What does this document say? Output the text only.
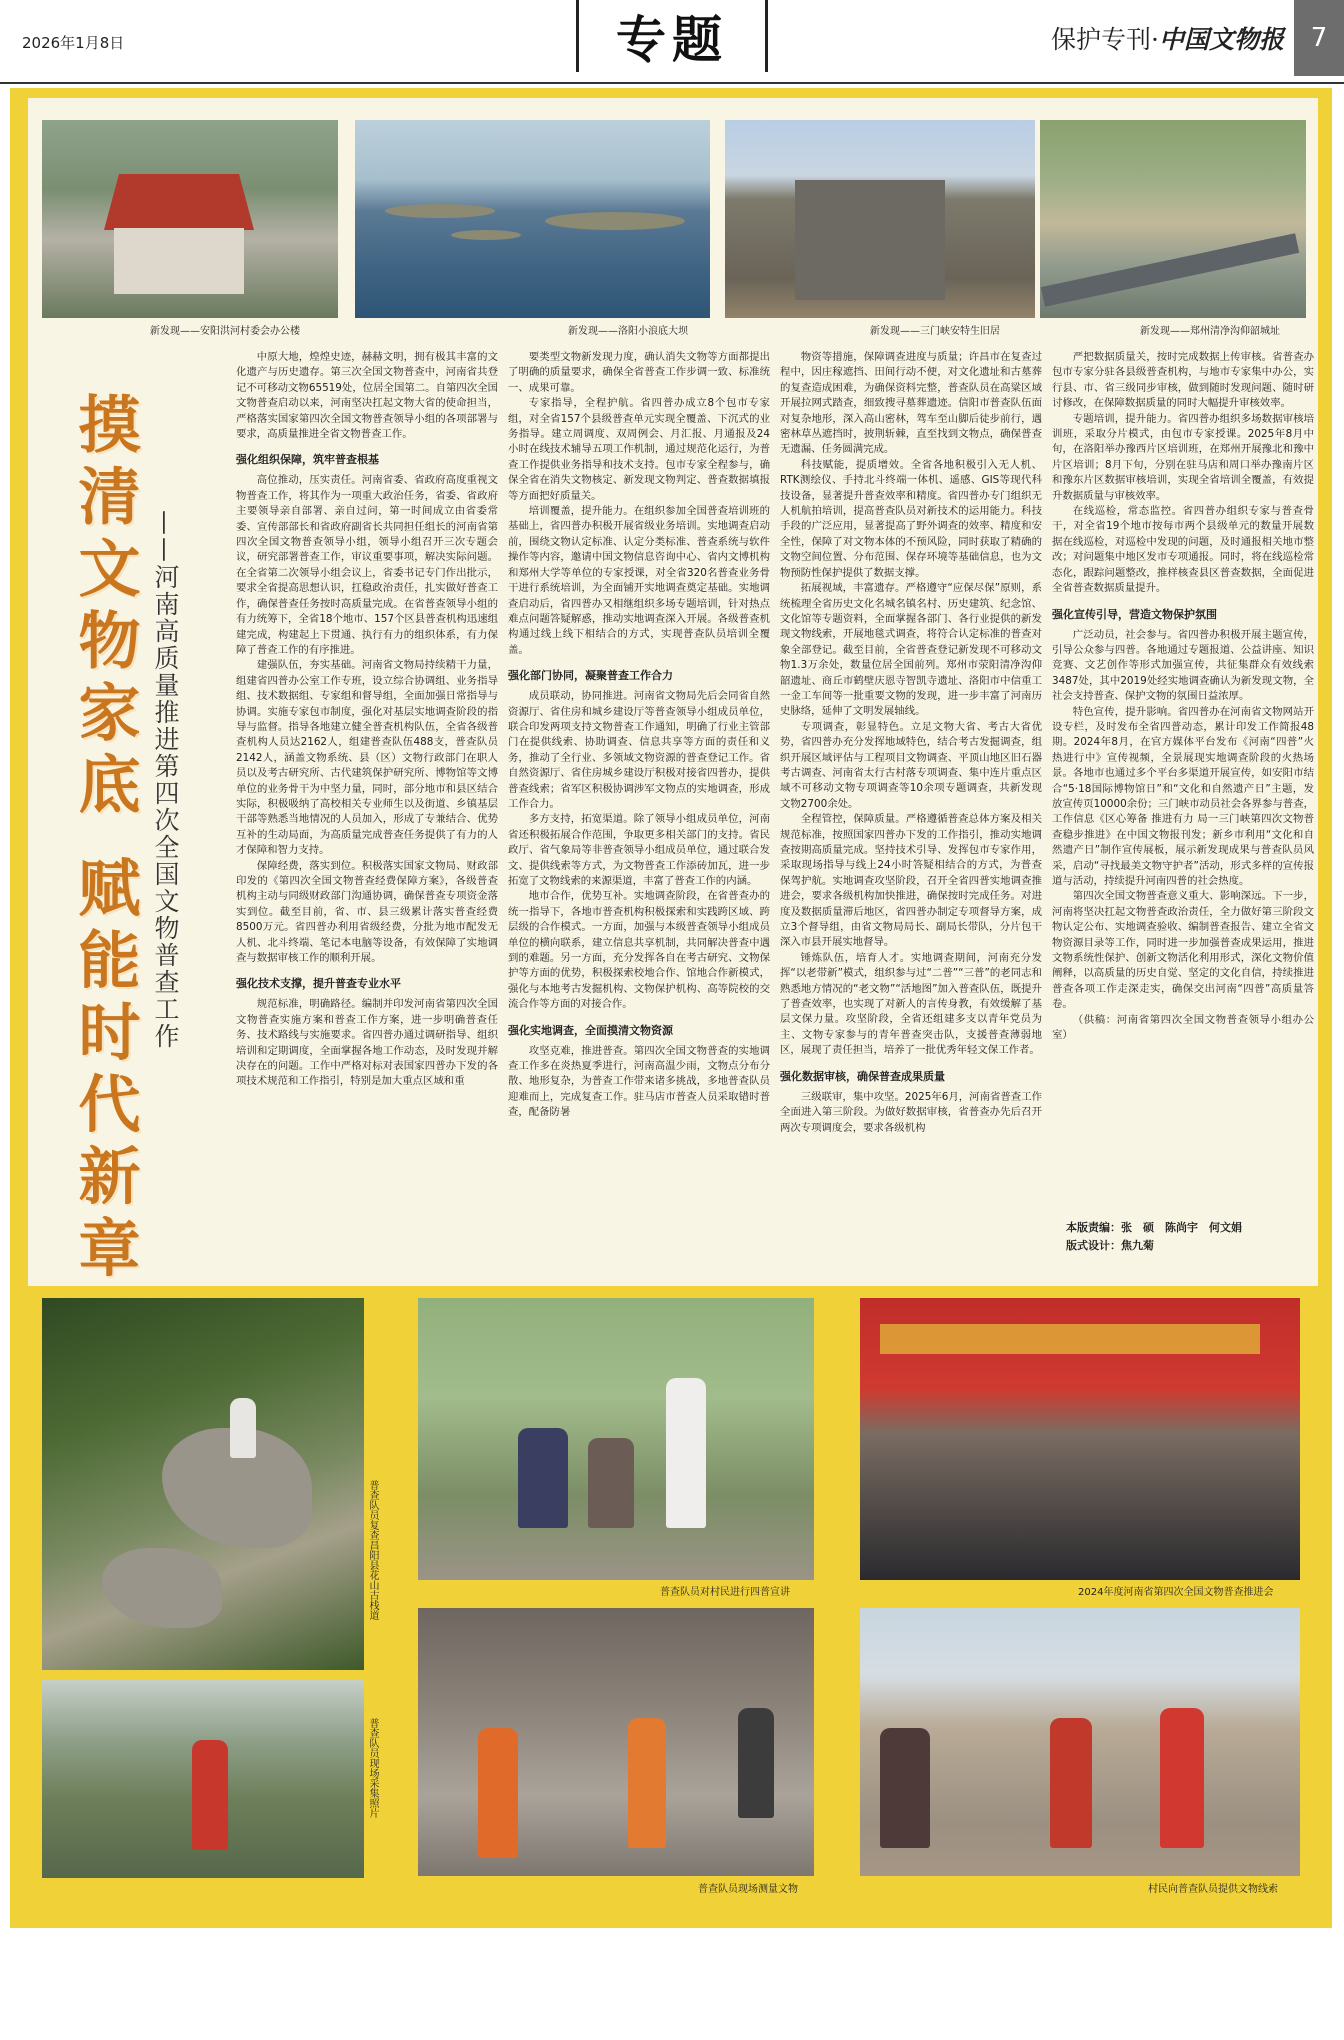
2026年1月8日	专题	保护专刊·中国文物报	7
新发现——安阳洪河村委会办公楼	新发现——洛阳小浪底大坝	新发现——三门峡安特生旧居	新发现——郑州清净沟仰韶城址
摸清文物家底 赋能时代新章 ——河南高质量推进第四次全国文物普查工作

中原大地，煌煌史迹，赫赫文明，拥有极其丰富的文化遗产与历史遗存。第三次全国文物普查中，河南省共登记不可移动文物65519处，位居全国第二。自第四次全国文物普查启动以来，河南坚决扛起文物大省的使命担当，严格落实国家第四次全国文物普查领导小组的各项部署与要求，高质量推进全省文物普查工作。

强化组织保障，筑牢普查根基

高位推动，压实责任。河南省委、省政府高度重视文物普查工作，将其作为一项重大政治任务，省委、省政府主要领导亲自部署、亲自过问，第一时间成立由省委常委、宣传部部长和省政府副省长共同担任组长的河南省第四次全国文物普查领导小组，领导小组召开三次专题会议，研究部署普查工作，审议重要事项，解决实际问题。在全省第二次领导小组会议上，省委书记专门作出批示，要求全省提高思想认识，扛稳政治责任，扎实做好普查工作，确保普查任务按时高质量完成。在省普查领导小组的有力统筹下，全省18个地市、157个区县普查机构迅速组建完成，构建起上下贯通、执行有力的组织体系，有力保障了普查工作的有序推进。

建强队伍，夯实基础。河南省文物局持续精干力量，组建省四普办公室工作专班，设立综合协调组、业务指导组、技术数据组、专家组和督导组，全面加强日常指导与协调。实施专家包市制度，强化对基层实地调查阶段的指导与监督。指导各地建立健全普查机构队伍，全省各级普查机构人员达2162人，组建普查队伍488支，普查队员2142人，涵盖文物系统、县（区）文物行政部门在职人员以及考古研究所、古代建筑保护研究所、博物馆等文博单位的业务骨干为中坚力量，同时，部分地市和县区结合实际，积极吸纳了高校相关专业师生以及街道、乡镇基层干部等熟悉当地情况的人员加入，形成了专兼结合、优势互补的生动局面，为高质量完成普查任务提供了有力的人才保障和智力支持。

保障经费，落实到位。积极落实国家文物局、财政部印发的《第四次全国文物普查经费保障方案》，各级普查机构主动与同级财政部门沟通协调，确保普查专项资金落实到位。截至目前，省、市、县三级累计落实普查经费8500万元。省四普办利用省级经费，分批为地市配发无人机、北斗终端、笔记本电脑等设备，有效保障了实地调查与数据审核工作的顺利开展。

强化技术支撑，提升普查专业水平

规范标准，明确路径。编制并印发河南省第四次全国文物普查实施方案和普查工作方案，进一步明确普查任务、技术路线与实施要求。省四普办通过调研指导、组织培训和定期调度，全面掌握各地工作动态，及时发现并解决存在的问题。工作中严格对标对表国家四普办下发的各项技术规范和工作指引，特别是加大重点区域和重

要类型文物新发现力度，确认消失文物等方面都提出了明确的质量要求，确保全省普查工作步调一致、标准统一、成果可靠。

专家指导，全程护航。省四普办成立8个包市专家组，对全省157个县级普查单元实现全覆盖、下沉式的业务指导。建立周调度、双周例会、月汇报、月通报及24小时在线技术辅导五项工作机制，通过规范化运行，为普查工作提供业务指导和技术支持。包市专家全程参与，确保全省在消失文物核定、新发现文物判定、普查数据填报等方面把好质量关。

培训覆盖，提升能力。在组织参加全国普查培训班的基础上，省四普办积极开展省级业务培训。实地调查启动前，围绕文物认定标准、认定分类标准、普查系统与软件操作等内容，邀请中国文物信息咨询中心、省内文博机构和郑州大学等单位的专家授课，对全省320名普查业务骨干进行系统培训，为全面铺开实地调查奠定基础。实地调查启动后，省四普办又相继组织多场专题培训，针对热点难点问题答疑解惑，推动实地调查深入开展。各级普查机构通过线上线下相结合的方式，实现普查队员培训全覆盖。

强化部门协同，凝聚普查工作合力

成员联动，协同推进。河南省文物局先后会同省自然资源厅、省住房和城乡建设厅等普查领导小组成员单位，联合印发两项支持文物普查工作通知，明确了行业主管部门在提供线索、协助调查、信息共享等方面的责任和义务，推动了全行业、多领域文物资源的普查登记工作。省自然资源厅、省住房城乡建设厅积极对接省四普办，提供普查线索；省军区积极协调涉军文物点的实地调查，形成工作合力。

多方支持，拓宽渠道。除了领导小组成员单位，河南省还积极拓展合作范围，争取更多相关部门的支持。省民政厅、省气象局等非普查领导小组成员单位，通过联合发文、提供线索等方式，为文物普查工作添砖加瓦，进一步拓宽了文物线索的来源渠道，丰富了普查工作的内涵。

地市合作，优势互补。实地调查阶段，在省普查办的统一指导下，各地市普查机构积极探索和实践跨区域、跨层级的合作模式。一方面，加强与本级普查领导小组成员单位的横向联系，建立信息共享机制，共同解决普查中遇到的难题。另一方面，充分发挥各自在考古研究、文物保护等方面的优势，积极探索校地合作、馆地合作新模式，强化与本地考古发掘机构、文物保护机构、高等院校的交流合作等方面的对接合作。

强化实地调查，全面摸清文物资源

攻坚克难，推进普查。第四次全国文物普查的实地调查工作多在炎热夏季进行，河南高温少雨，文物点分布分散、地形复杂，为普查工作带来诸多挑战，多地普查队员迎难而上，完成复查工作。驻马店市普查人员采取错时普查，配备防暑

物资等措施，保障调查进度与质量；许昌市在复查过程中，因庄稼遮挡、田间行动不便，对文化遗址和古墓葬的复查造成困难，为确保资料完整，普查队员在高粱区域开展拉网式踏查，细致搜寻墓葬遗迹。信阳市普查队伍面对复杂地形，深入高山密林，驾车至山脚后徒步前行，遇密林草丛遮挡时，披荆斩棘，直至找到文物点，确保普查无遗漏、任务圆满完成。

科技赋能，提质增效。全省各地积极引入无人机、RTK测绘仪、手持北斗终端一体机、遥感、GIS等现代科技设备，显著提升普查效率和精度。省四普办专门组织无人机航拍培训，提高普查队员对新技术的运用能力。科技手段的广泛应用，显著提高了野外调查的效率、精度和安全性，保障了对文物本体的不预风险，同时获取了精确的文物空间位置、分布范围、保存环境等基础信息，也为文物预防性保护提供了数据支撑。

拓展视域，丰富遗存。严格遵守“应保尽保”原则，系统梳理全省历史文化名城名镇名村、历史建筑、纪念馆、文化馆等专题资料，全面掌握各部门、各行业提供的新发现文物线索，开展地毯式调查，将符合认定标准的普查对象全部登记。截至目前，全省普查登记新发现不可移动文物1.3万余处，数量位居全国前列。郑州市荥阳清净沟仰韶遗址、商丘市鹤壁庆恩寺智凯寺遗址、洛阳市中信重工一金工车间等一批重要文物的发现，进一步丰富了河南历史脉络，延伸了文明发展轴线。

专项调查，彰显特色。立足文物大省、考古大省优势，省四普办充分发挥地域特色，结合考古发掘调查，组织开展区域评估与工程项目文物调查、平顶山地区旧石器考古调查、河南省太行古村落专项调查、集中连片重点区域不可移动文物专项调查等10余项专题调查，共新发现文物2700余处。

全程管控，保障质量。严格遵循普查总体方案及相关规范标准，按照国家四普办下发的工作指引，推动实地调查按期高质量完成。坚持技术引导、发挥包市专家作用，采取现场指导与线上24小时答疑相结合的方式，为普查保驾护航。实地调查攻坚阶段，召开全省四普实地调查推进会，要求各级机构加快推进，确保按时完成任务。对进度及数据质量滞后地区，省四普办制定专项督导方案，成立3个督导组，由省文物局局长、副局长带队，分片包干深入市县开展实地督导。

锤炼队伍，培育人才。实地调查期间，河南充分发挥“以老带新”模式，组织参与过“二普”“三普”的老同志和熟悉地方情况的“老文物”“活地图”加入普查队伍，既提升了普查效率，也实现了对新人的言传身教，有效缓解了基层文保力量。攻坚阶段，全省还组建多支以青年党员为主、文物专家参与的青年普查突击队，支援普查薄弱地区，展现了责任担当，培养了一批优秀年轻文保工作者。

强化数据审核，确保普查成果质量

三级联审，集中攻坚。2025年6月，河南省普查工作全面进入第三阶段。为做好数据审核，省普查办先后召开两次专项调度会，要求各级机构

严把数据质量关，按时完成数据上传审核。省普查办包市专家分驻各县级普查机构，与地市专家集中办公，实行县、市、省三级同步审核，做到随时发现问题、随时研讨修改，在保障数据质量的同时大幅提升审核效率。

专题培训，提升能力。省四普办组织多场数据审核培训班，采取分片模式，由包市专家授课。2025年8月中旬，在洛阳举办豫西片区培训班，在郑州开展豫北和豫中片区培训；8月下旬，分别在驻马店和周口举办豫南片区和豫东片区数据审核培训，实现全省培训全覆盖，有效提升数据质量与审核效率。

在线巡检，常态监控。省四普办组织专家与普查骨干，对全省19个地市按每市两个县级单元的数量开展数据在线巡检，对巡检中发现的问题，及时通报相关地市整改；对问题集中地区发市专项通报。同时，将在线巡检常态化，跟踪问题整改，推样核查县区普查数据，全面促进全省普查数据质量提升。

强化宣传引导，营造文物保护氛围

广泛动员，社会参与。省四普办积极开展主题宣传，引导公众参与四普。各地通过专题报道、公益讲座、知识竞赛、文艺创作等形式加强宣传，共征集群众有效线索3487处，其中2019处经实地调查确认为新发现文物，全社会支持普查、保护文物的氛围日益浓厚。

特色宣传，提升影响。省四普办在河南省文物网站开设专栏，及时发布全省四普动态，累计印发工作简报48期。2024年8月，在官方媒体平台发布《河南“四普”火热进行中》宣传视频，全景展现实地调查阶段的火热场景。各地市也通过多个平台多渠道开展宣传，如安阳市结合“5·18国际博物馆日”和“文化和自然遗产日”主题，发放宣传页10000余份；三门峡市动员社会各界参与普查，工作信息《区心筹备 推进有力 局一三门峡第四次文物普查稳步推进》在中国文物报刊发；新乡市利用“文化和自然遗产日”制作宣传展板，展示新发现成果与普查队员风采，启动“寻找最美文物守护者”活动，形式多样的宣传报道与活动，持续提升河南四普的社会热度。

第四次全国文物普查意义重大、影响深远。下一步，河南将坚决扛起文物普查政治责任，全力做好第三阶段文物认定公布、实地调查验收、编制普查报告、建立全省文物资源目录等工作，同时进一步加强普查成果运用，推进文物系统性保护、创新文物活化利用形式，深化文物价值阐释，以高质量的历史自觉、坚定的文化自信，持续推进普查各项工作走深走实，确保交出河南“四普”高质量答卷。

（供稿：河南省第四次全国文物普查领导小组办公室）

本版责编：张　硕　陈尚宇　何文娟
版式设计：焦九菊
普查队员复查昌阳县花山古栈道	普查队员对村民进行四普宣讲	2024年度河南省第四次全国文物普查推进会
普查队员现场采集照片
普查队员现场测量文物	村民向普查队员提供文物线索
